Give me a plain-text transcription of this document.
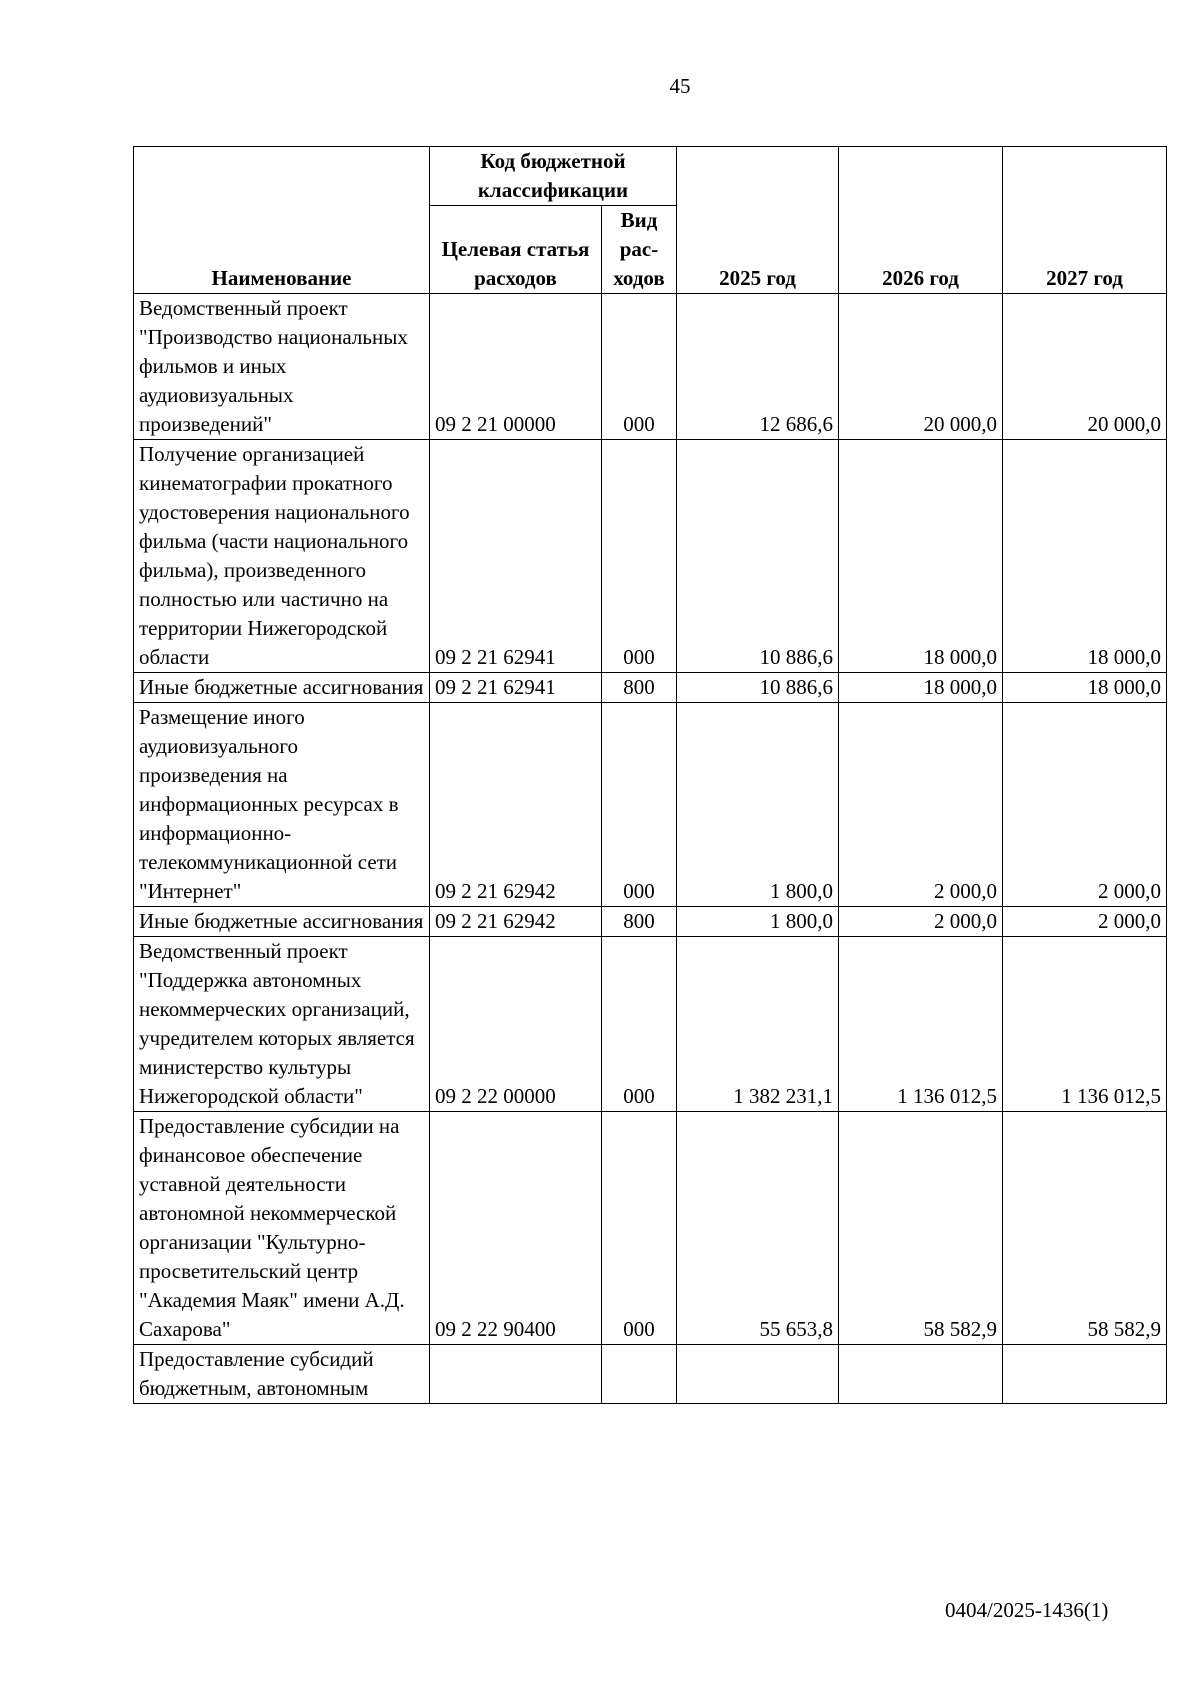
45
Наименование	Код бюджетной классификации		2025 год	2026 год	2027 год
	Целевая статья расходов	Вид рас-ходов			
Ведомственный проект "Производство национальных фильмов и иных аудиовизуальных произведений"	09 2 21 00000	000	12 686,6	20 000,0	20 000,0
Получение организацией кинематографии прокатного удостоверения национального фильма (части национального фильма), произведенного полностью или частично на территории Нижегородской области	09 2 21 62941	000	10 886,6	18 000,0	18 000,0
Иные бюджетные ассигнования	09 2 21 62941	800	10 886,6	18 000,0	18 000,0
Размещение иного аудиовизуального произведения на информационных ресурсах в информационно-телекоммуникационной сети "Интернет"	09 2 21 62942	000	1 800,0	2 000,0	2 000,0
Иные бюджетные ассигнования	09 2 21 62942	800	1 800,0	2 000,0	2 000,0
Ведомственный проект "Поддержка автономных некоммерческих организаций, учредителем которых является министерство культуры Нижегородской области"	09 2 22 00000	000	1 382 231,1	1 136 012,5	1 136 012,5
Предоставление субсидии на финансовое обеспечение уставной деятельности автономной некоммерческой организации "Культурно-просветительский центр "Академия Маяк" имени А.Д. Сахарова"	09 2 22 90400	000	55 653,8	58 582,9	58 582,9
Предоставление субсидий бюджетным, автономным					
0404/2025-1436(1)
